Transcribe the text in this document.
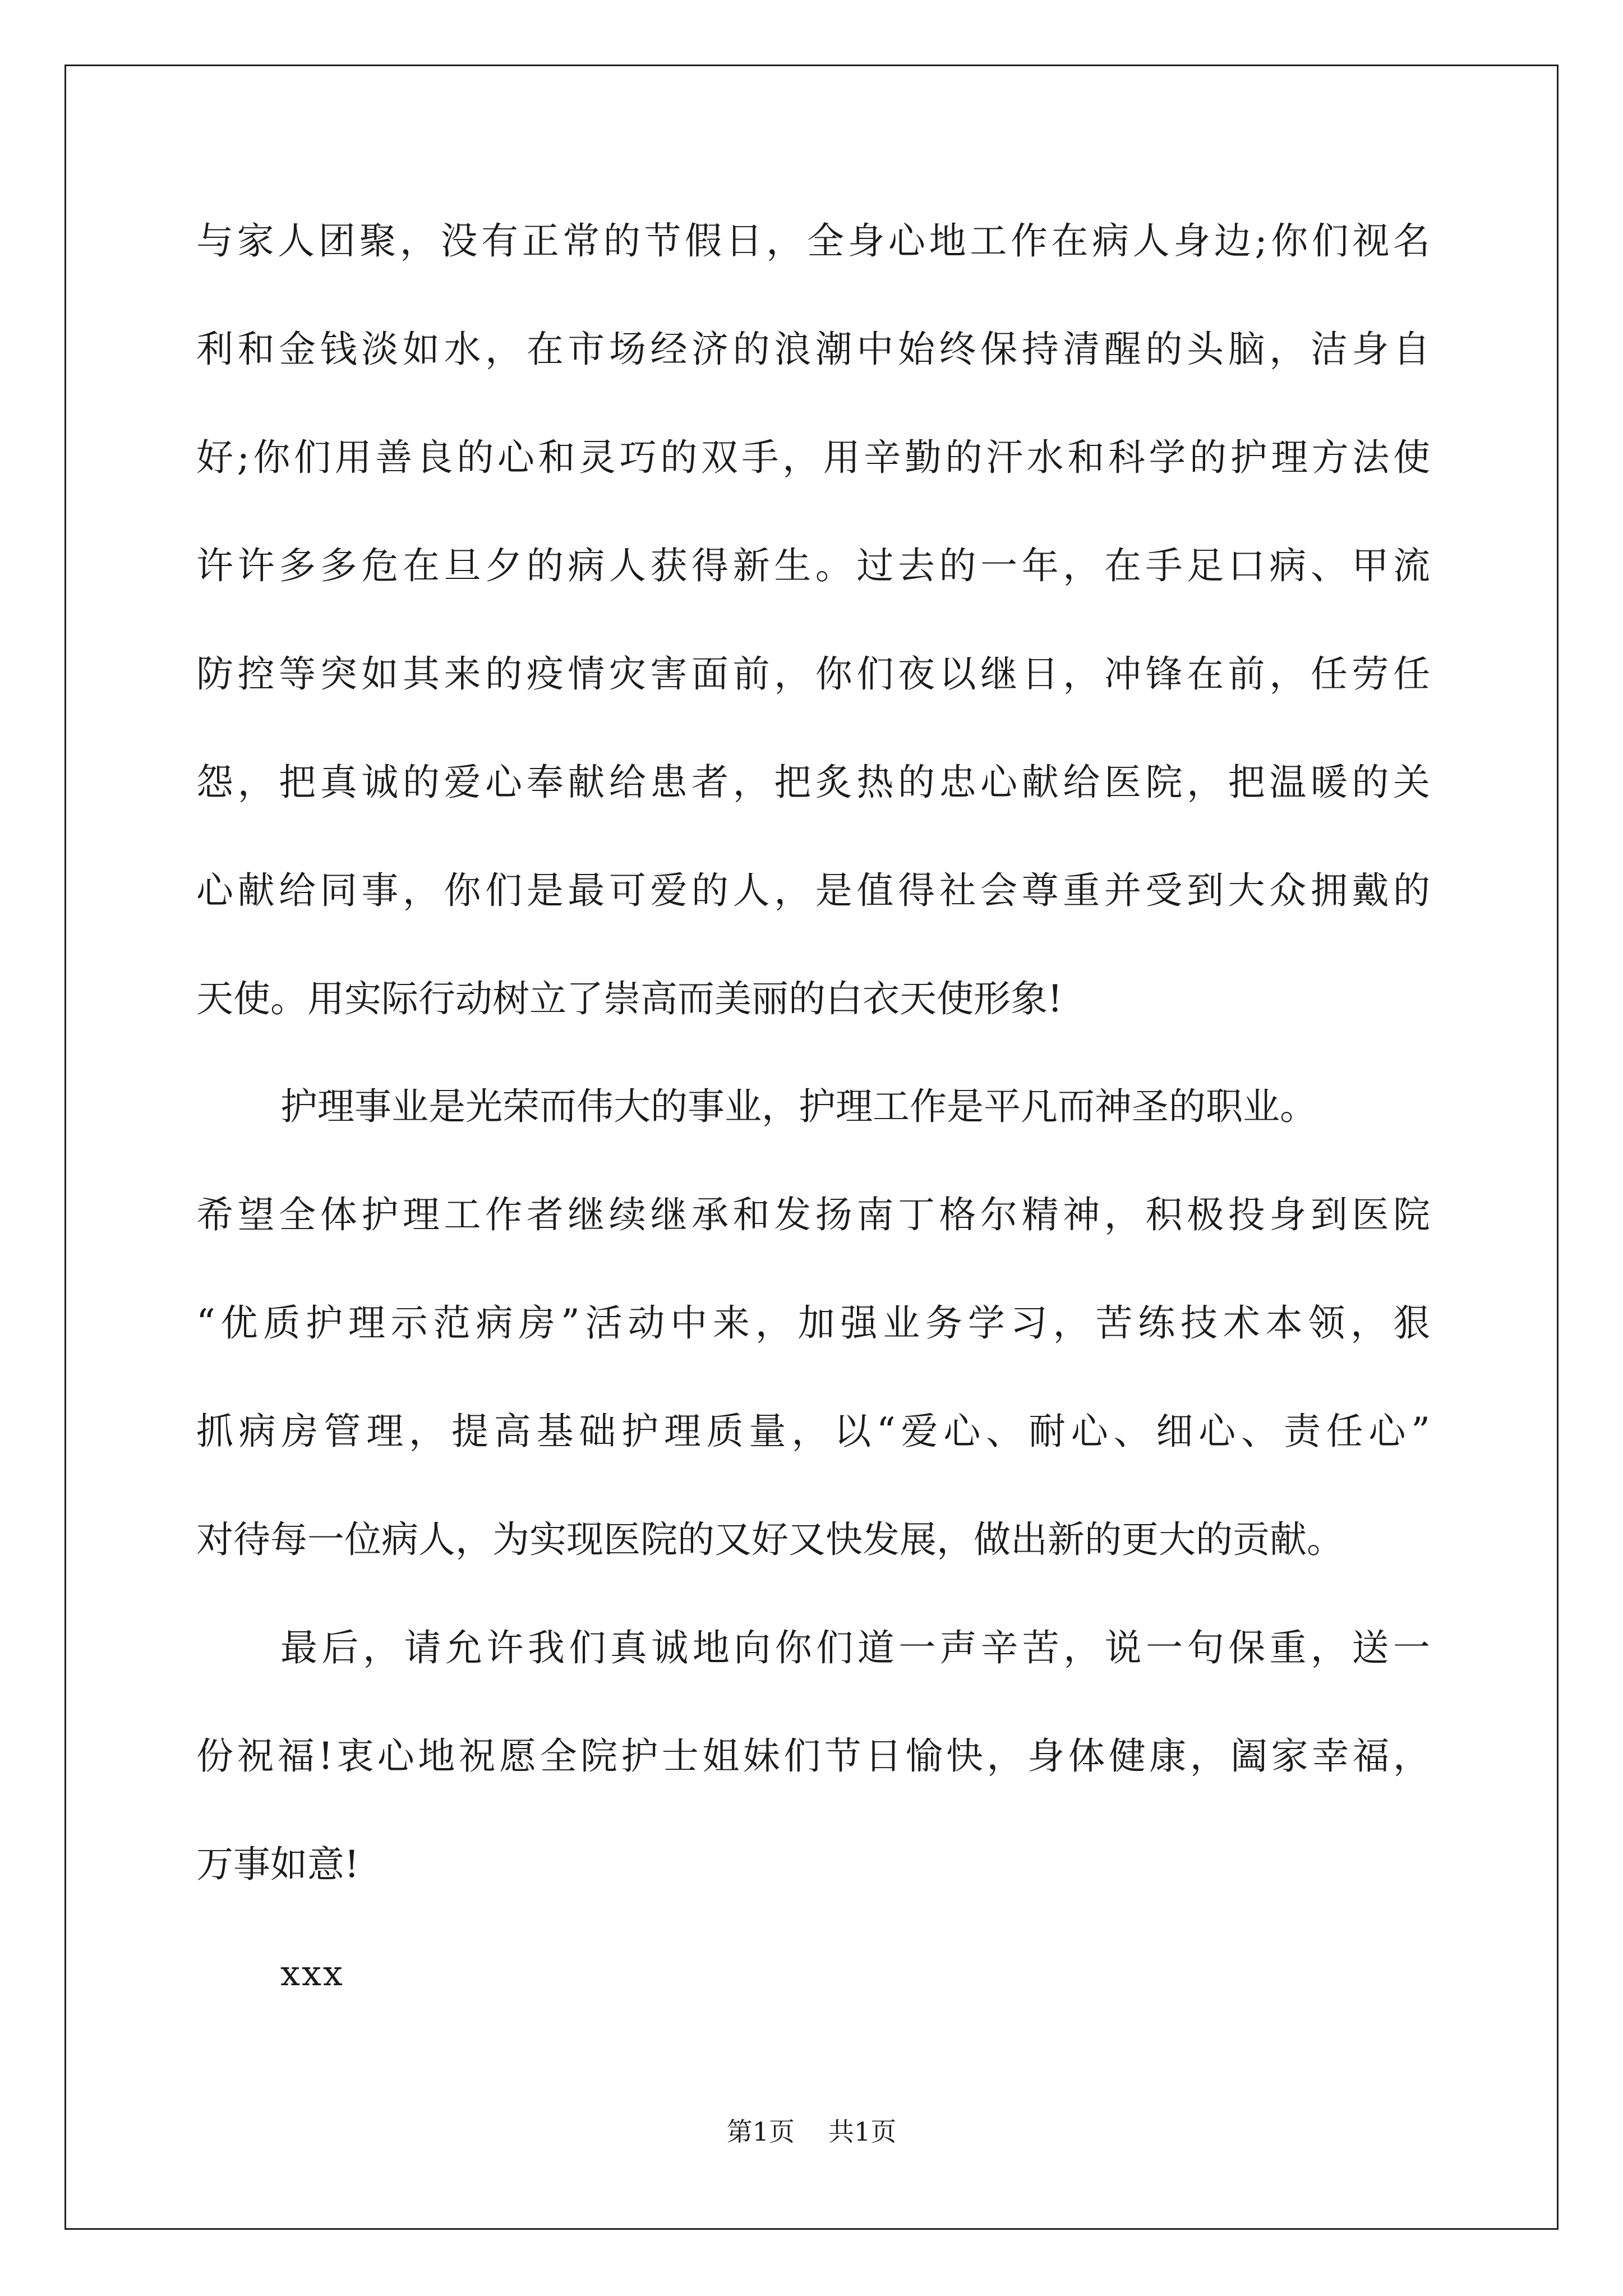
与家人团聚，没有正常的节假日，全身心地工作在病人身边;你们视名
利和金钱淡如水，在市场经济的浪潮中始终保持清醒的头脑，洁身自
好;你们用善良的心和灵巧的双手，用辛勤的汗水和科学的护理方法使
许许多多危在旦夕的病人获得新生。过去的一年，在手足口病、甲流
防控等突如其来的疫情灾害面前，你们夜以继日，冲锋在前，任劳任
怨，把真诚的爱心奉献给患者，把炙热的忠心献给医院，把温暖的关
心献给同事，你们是最可爱的人，是值得社会尊重并受到大众拥戴的
天使。用实际行动树立了崇高而美丽的白衣天使形象!
护理事业是光荣而伟大的事业，护理工作是平凡而神圣的职业。
希望全体护理工作者继续继承和发扬南丁格尔精神，积极投身到医院
“优质护理示范病房”活动中来，加强业务学习，苦练技术本领，狠
抓病房管理，提高基础护理质量，以“爱心、耐心、细心、责任心”
对待每一位病人，为实现医院的又好又快发展，做出新的更大的贡献。
最后，请允许我们真诚地向你们道一声辛苦，说一句保重，送一
份祝福!衷心地祝愿全院护士姐妹们节日愉快，身体健康，阖家幸福，
万事如意!
xxx
第1页 共1页
